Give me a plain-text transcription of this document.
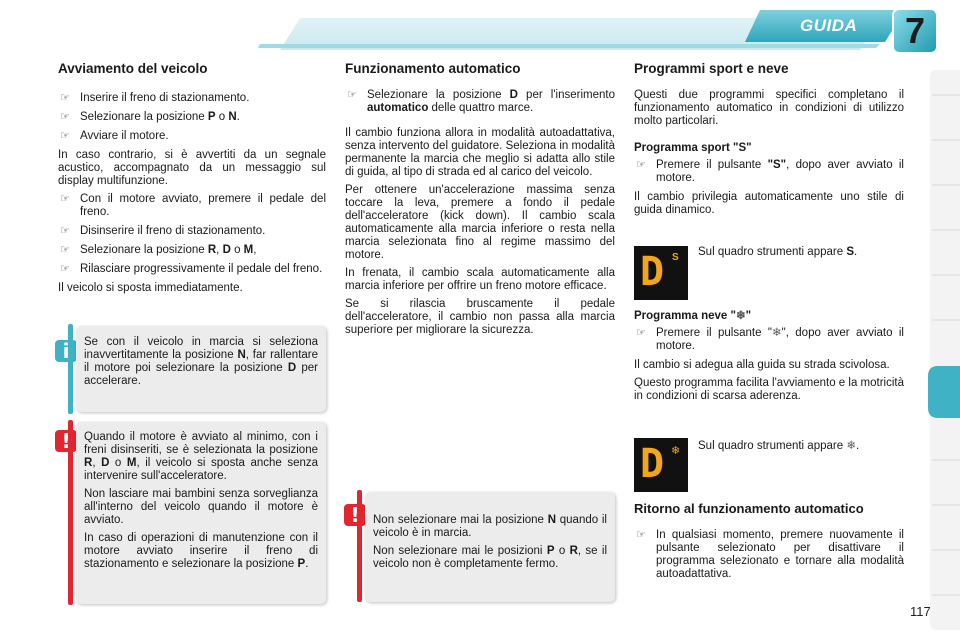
GUIDA	7
Avviamento del veicolo
☞ Inserire il freno di stazionamento.
☞ Selezionare la posizione P o N.
☞ Avviare il motore.

In caso contrario, si è avvertiti da un segnale acustico, accompagnato da un messaggio sul display multifunzione.

☞ Con il motore avviato, premere il pedale del freno.
☞ Disinserire il freno di stazionamento.
☞ Selezionare la posizione R, D o M,
☞ Rilasciare progressivamente il pedale del freno.

Il veicolo si sposta immediatamente.

i	Se con il veicolo in marcia si seleziona inavvertitamente la posizione N, far rallentare il motore poi selezionare la posizione D per accelerare.

!	Quando il motore è avviato al minimo, con i freni disinseriti, se è selezionata la posizione R, D o M, il veicolo si sposta anche senza intervenire sull'acceleratore.

Non lasciare mai bambini senza sorveglianza all'interno del veicolo quando il motore è avviato.

In caso di operazioni di manutenzione con il motore avviato inserire il freno di stazionamento e selezionare la posizione P.

Funzionamento automatico
☞ Selezionare la posizione D per l'inserimento automatico delle quattro marce.

Il cambio funziona allora in modalità autoadattativa, senza intervento del guidatore. Seleziona in modalità permanente la marcia che meglio si adatta allo stile di guida, al tipo di strada ed al carico del veicolo.

Per ottenere un'accelerazione massima senza toccare la leva, premere a fondo il pedale dell'acceleratore (kick down). Il cambio scala automaticamente alla marcia inferiore o resta nella marcia selezionata fino al regime massimo del motore.

In frenata, il cambio scala automaticamente alla marcia inferiore per offrire un freno motore efficace.

Se si rilascia bruscamente il pedale dell'acceleratore, il cambio non passa alla marcia superiore per migliorare la sicurezza.

!	Non selezionare mai la posizione N quando il veicolo è in marcia.

Non selezionare mai le posizioni P o R, se il veicolo non è completamente fermo.

Programmi sport e neve

Questi due programmi specifici completano il funzionamento automatico in condizioni di utilizzo molto particolari.

Programma sport "S"
☞ Premere il pulsante "S", dopo aver avviato il motore.

Il cambio privilegia automaticamente uno stile di guida dinamico.

D S Sul quadro strumenti appare S.
Programma neve "❄"
☞ Premere il pulsante "❄", dopo aver avviato il motore.

Il cambio si adegua alla guida su strada scivolosa.

Questo programma facilita l'avviamento e la motricità in condizioni di scarsa aderenza.

D ❄ Sul quadro strumenti appare ❄.
Ritorno al funzionamento automatico
☞ In qualsiasi momento, premere nuovamente il pulsante selezionato per disattivare il programma selezionato e tornare alla modalità autoadattativa.
117
